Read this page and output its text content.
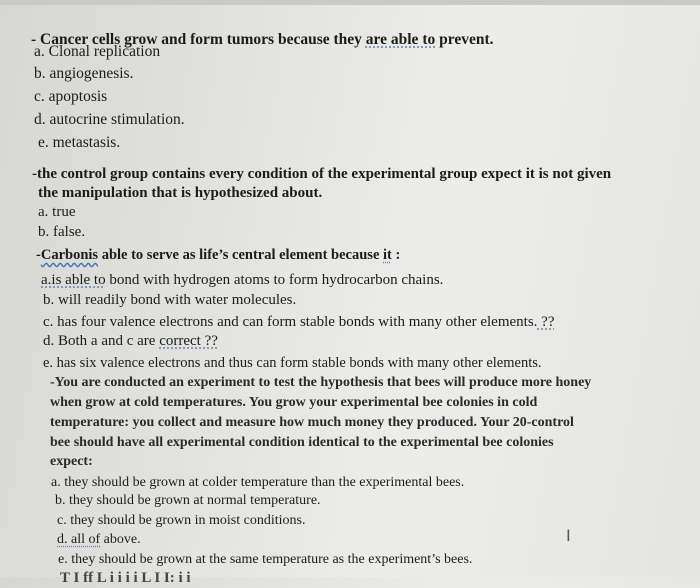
- Cancer cells grow and form tumors because they are able to prevent.
a. Clonal replication
b. angiogenesis.
c. apoptosis
d. autocrine stimulation.
e. metastasis.
-the control group contains every condition of the experimental group expect it is not given
the manipulation that is hypothesized about.
a. true
b. false.
-Carbonis able to serve as life’s central element because it :
a.is able to bond with hydrogen atoms to form hydrocarbon chains.
b. will readily bond with water molecules.
c. has four valence electrons and can form stable bonds with many other elements. ??
d. Both a and c are correct ??
e. has six valence electrons and thus can form stable bonds with many other elements.
-You are conducted an experiment to test the hypothesis that bees will produce more honey
when grow at cold temperatures. You grow your experimental bee colonies in cold
temperature: you collect and measure how much money they produced. Your 20-control
bee should have all experimental condition identical to the experimental bee colonies
expect:
a. they should be grown at colder temperature than the experimental bees.
b. they should be grown at normal temperature.
c. they should be grown in moist conditions.
d. all of above.
e. they should be grown at the same temperature as the experiment’s bees.
T I ff L i i i i L I I: i i
I
